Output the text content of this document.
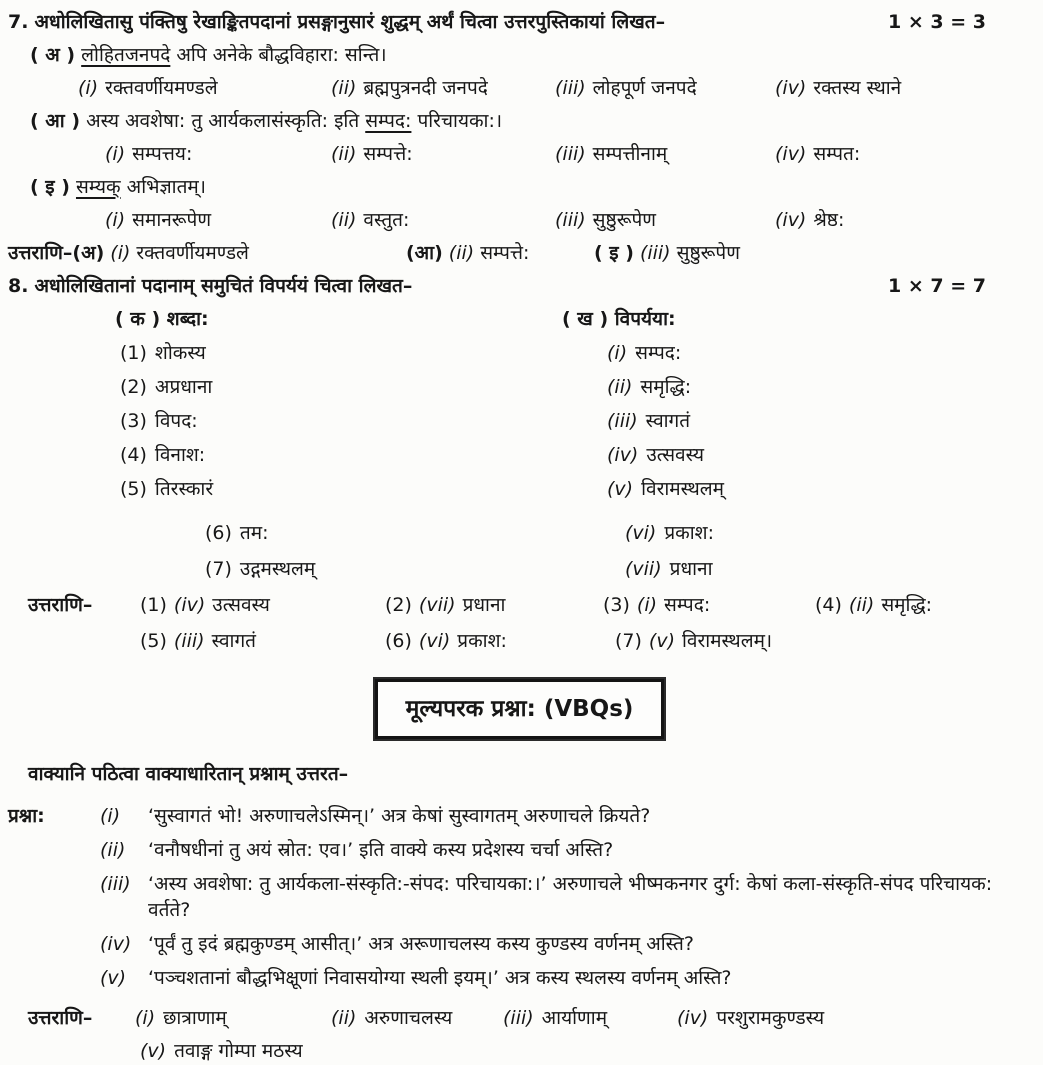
7. अधोलिखितासु पंक्तिषु रेखाङ्कितपदानां प्रसङ्गानुसारं शुद्धम् अर्थं चित्वा उत्तरपुस्तिकायां लिखत–	1 × 3 = 3
( अ ) लोहितजनपदे अपि अनेके बौद्धविहारा: सन्ति।
(i) रक्तवर्णीयमण्डले	(ii) ब्रह्मपुत्रनदी जनपदे	(iii) लोहपूर्ण जनपदे	(iv) रक्तस्य स्थाने
( आ ) अस्य अवशेषा: तु आर्यकलासंस्कृति: इति सम्पद: परिचायका:।
(i) सम्पत्तय:	(ii) सम्पत्ते:	(iii) सम्पत्तीनाम्	(iv) सम्पत:
( इ ) सम्यक् अभिज्ञातम्।
(i) समानरूपेण	(ii) वस्तुत:	(iii) सुष्ठुरूपेण	(iv) श्रेष्ठ:
उत्तराणि–(अ) (i) रक्तवर्णीयमण्डले	(आ) (ii) सम्पत्ते:	( इ ) (iii) सुष्ठुरूपेण
8. अधोलिखितानां पदानाम् समुचितं विपर्ययं चित्वा लिखत–	1 × 7 = 7
( क ) शब्दा:	( ख ) विपर्यया:
(1) शोकस्य	(i) सम्पद:
(2) अप्रधाना	(ii) समृद्धि:
(3) विपद:	(iii) स्वागतं
(4) विनाश:	(iv) उत्सवस्य
(5) तिरस्कारं	(v) विरामस्थलम्
(6) तम:	(vi) प्रकाश:
(7) उद्गमस्थलम्	(vii) प्रधाना
उत्तराणि–	(1) (iv) उत्सवस्य	(2) (vii) प्रधाना	(3) (i) सम्पद:	(4) (ii) समृद्धि:
(5) (iii) स्वागतं	(6) (vi) प्रकाश:	(7) (v) विरामस्थलम्।
मूल्यपरक प्रश्ना: (VBQs)
वाक्यानि पठित्वा वाक्याधारितान् प्रश्नाम् उत्तरत–
प्रश्ना:	(i)	‘सुस्वागतं भो! अरुणाचलेऽस्मिन्।’ अत्र केषां सुस्वागतम् अरुणाचले क्रियते?
(ii)	‘वनौषधीनां तु अयं स्रोत: एव।’ इति वाक्ये कस्य प्रदेशस्य चर्चा अस्ति?
(iii) ‘अस्य अवशेषा: तु आर्यकला-संस्कृति:-संपद: परिचायका:।’ अरुणाचले भीष्मकनगर दुर्ग: केषां कला-संस्कृति-संपद परिचायक: वर्तते?
(iv) ‘पूर्वं तु इदं ब्रह्मकुण्डम् आसीत्।’ अत्र अरूणाचलस्य कस्य कुण्डस्य वर्णनम् अस्ति?
(v)	‘पञ्चशतानां बौद्धभिक्षूणां निवासयोग्या स्थली इयम्।’ अत्र कस्य स्थलस्य वर्णनम् अस्ति?
उत्तराणि–	(i) छात्राणाम्	(ii) अरुणाचलस्य	(iii) आर्याणाम्	(iv) परशुरामकुण्डस्य
(v) तवाङ्ग गोम्पा मठस्य
